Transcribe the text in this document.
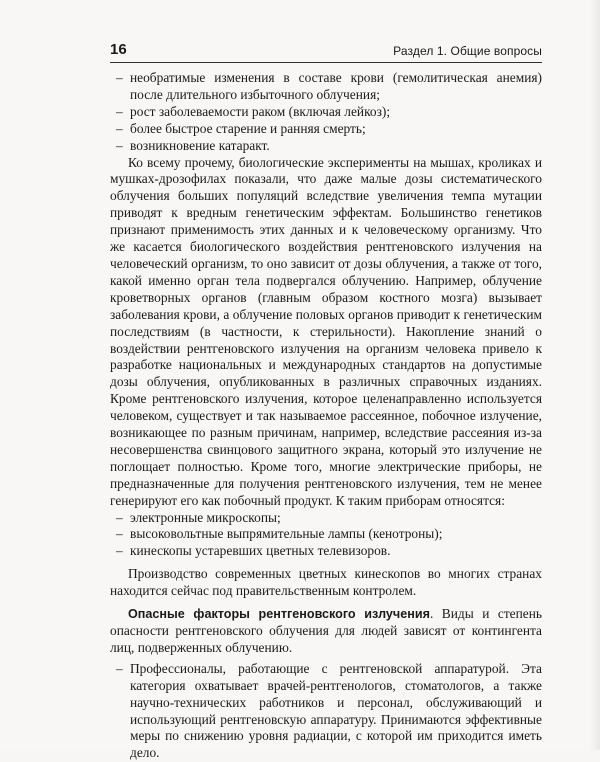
16	Раздел 1. Общие вопросы
– необратимые изменения в составе крови (гемолитическая анемия) после длительного избыточного облучения;
– рост заболеваемости раком (включая лейкоз);
– более быстрое старение и ранняя смерть;
– возникновение катаракт.

Ко всему прочему, биологические эксперименты на мышах, кроликах и мушках-дрозофилах показали, что даже малые дозы систематического облучения больших популяций вследствие увеличения темпа мутации приводят к вредным генетическим эффектам. Большинство генетиков признают применимость этих данных и к человеческому организму. Что же касается биологического воздействия рентгеновского излучения на человеческий организм, то оно зависит от дозы облучения, а также от того, какой именно орган тела подвергался облучению. Например, облучение кроветворных органов (главным образом костного мозга) вызывает заболевания крови, а облучение половых органов приводит к генетическим последствиям (в частности, к стерильности). Накопление знаний о воздействии рентгеновского излучения на организм человека привело к разработке национальных и международных стандартов на допустимые дозы облучения, опубликованных в различных справочных изданиях. Кроме рентгеновского излучения, которое целенаправленно используется человеком, существует и так называемое рассеянное, побочное излучение, возникающее по разным причинам, например, вследствие рассеяния из-за несовершенства свинцового защитного экрана, который это излучение не поглощает полностью. Кроме того, многие электрические приборы, не предназначенные для получения рентгеновского излучения, тем не менее генерируют его как побочный продукт. К таким приборам относятся:

– электронные микроскопы;
– высоковольтные выпрямительные лампы (кенотроны);
– кинескопы устаревших цветных телевизоров.

Производство современных цветных кинескопов во многих странах находится сейчас под правительственным контролем.

Опасные факторы рентгеновского излучения. Виды и степень опасности рентгеновского облучения для людей зависят от контингента лиц, подверженных облучению.

– Профессионалы, работающие с рентгеновской аппаратурой. Эта категория охватывает врачей-рентгенологов, стоматологов, а также научно-технических работников и персонал, обслуживающий и использующий рентгеновскую аппаратуру. Принимаются эффективные меры по снижению уровня радиации, с которой им приходится иметь дело.
